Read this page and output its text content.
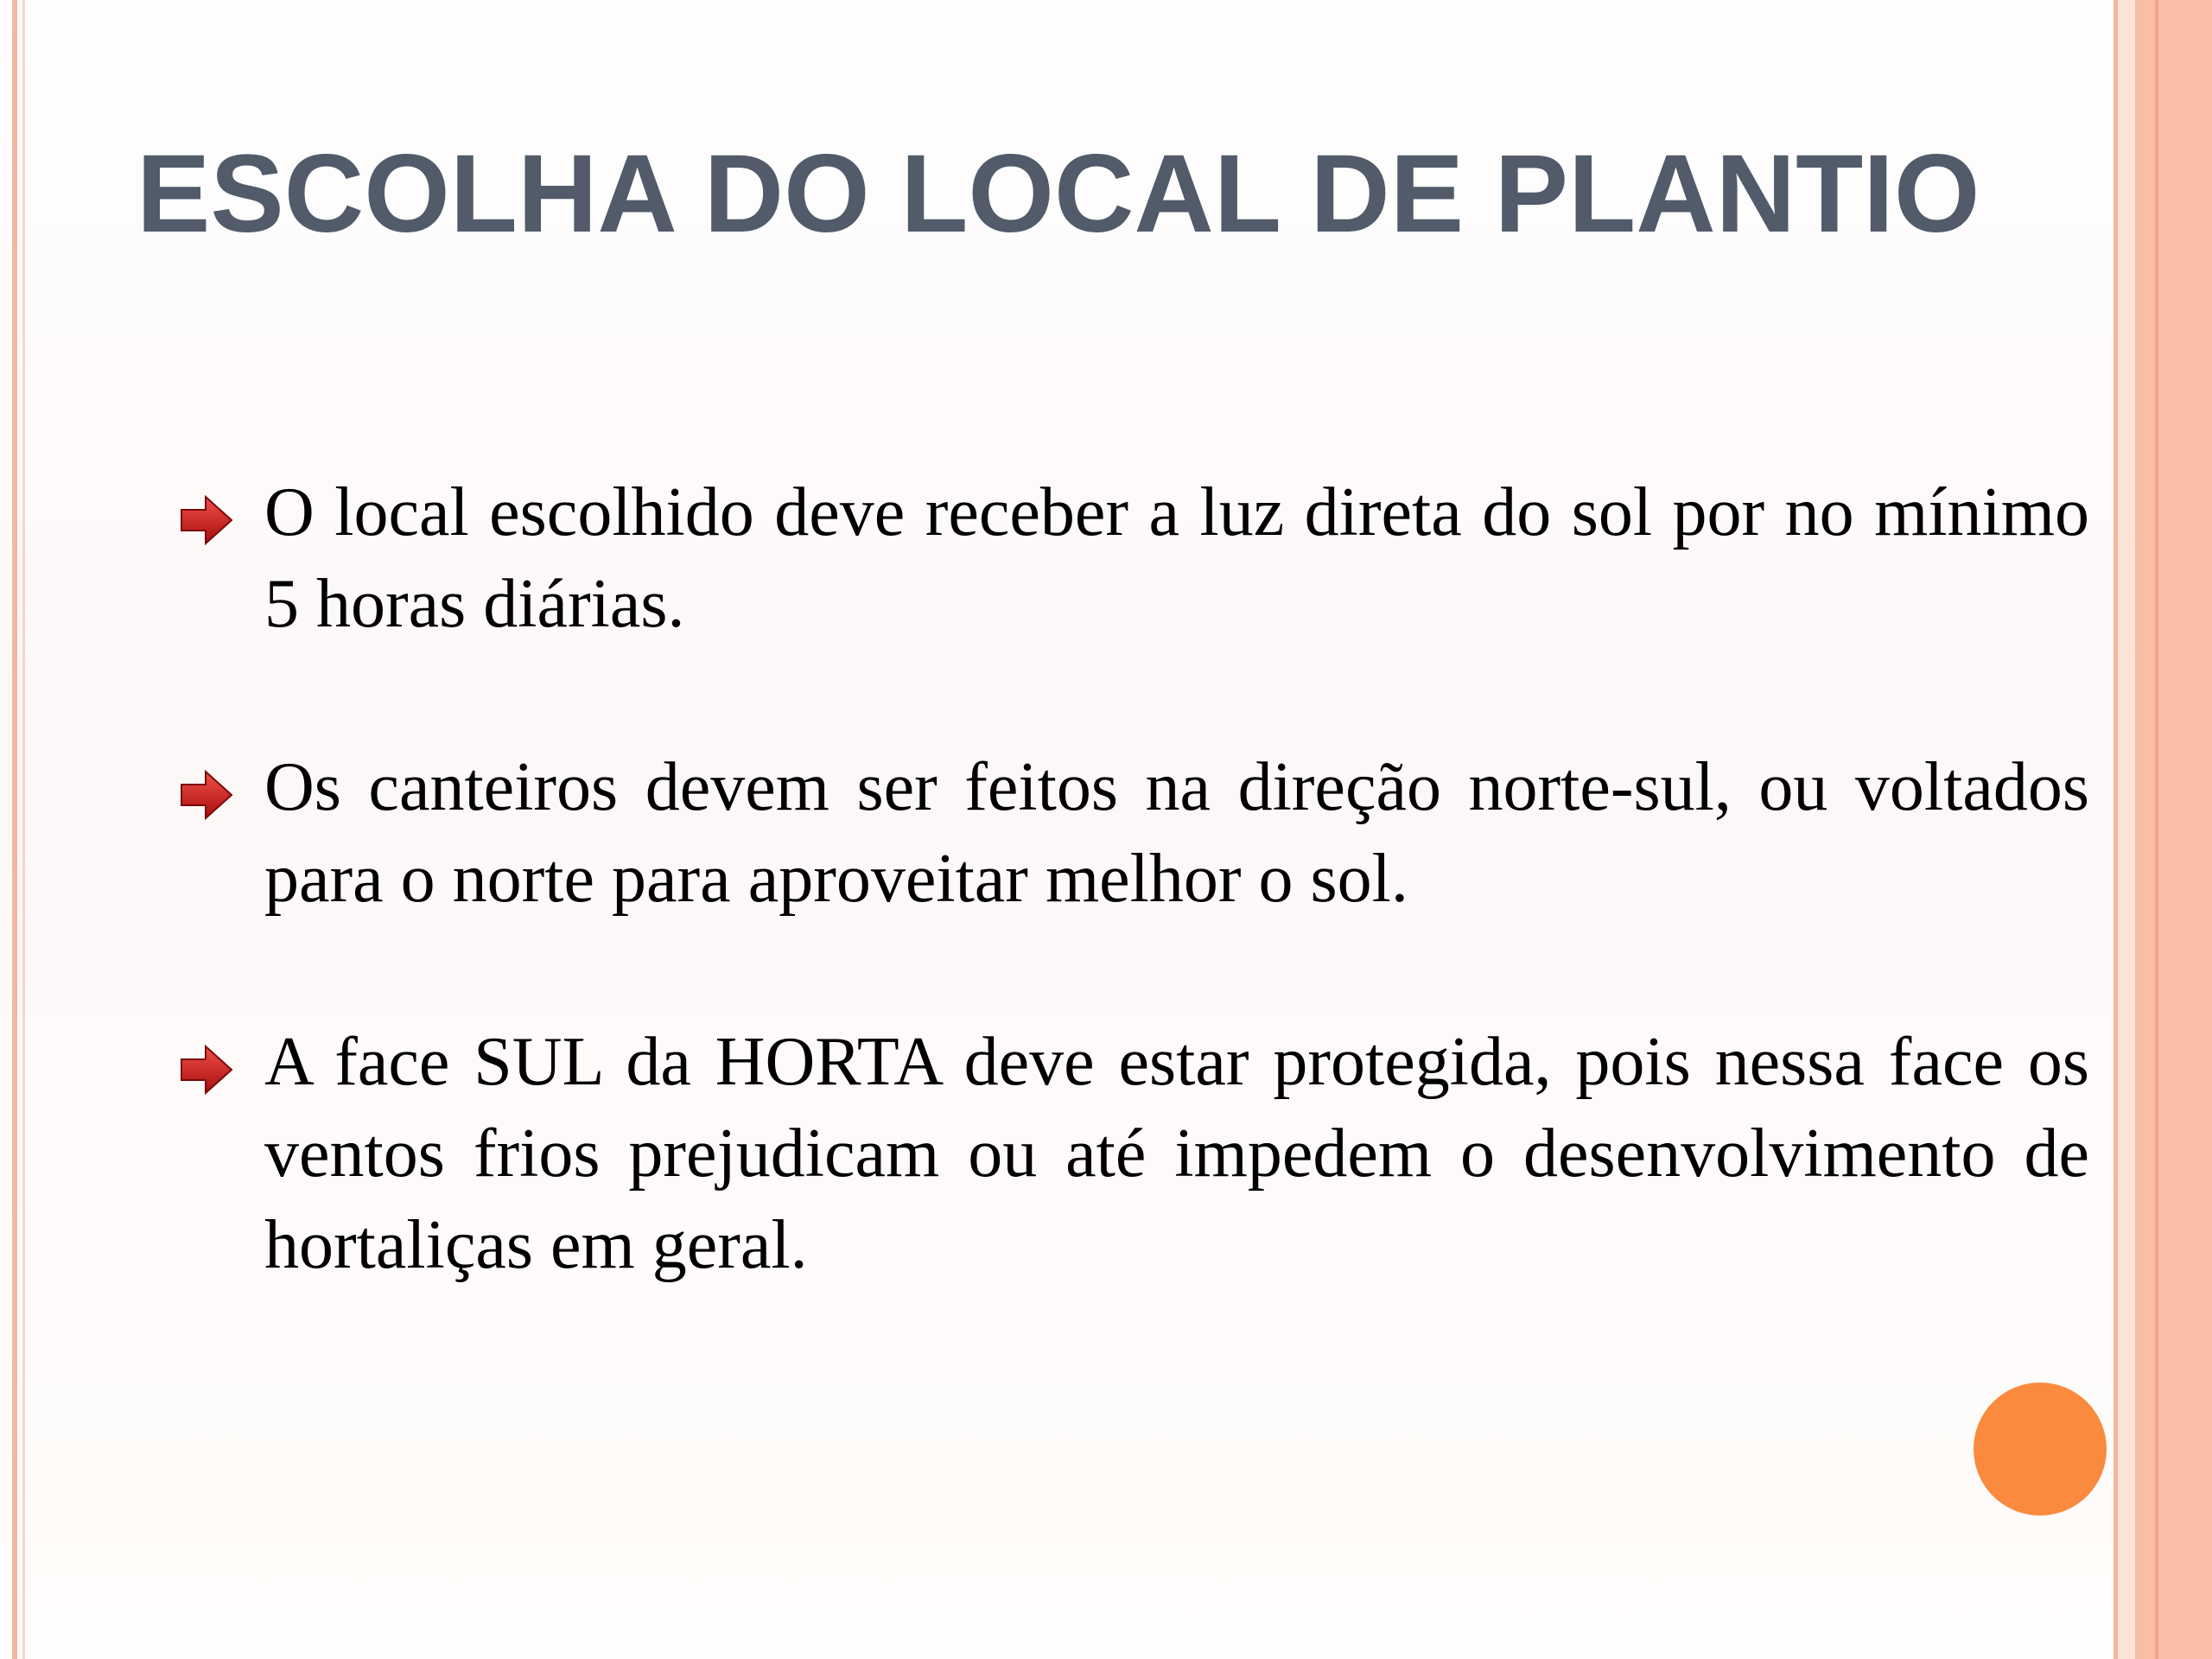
ESCOLHA DO LOCAL DE PLANTIO
O local escolhido deve receber a luz direta do sol por no mínimo 5 horas diárias.
Os canteiros devem ser feitos na direção norte-sul, ou voltados para o norte para aproveitar melhor o sol.
A face SUL da HORTA deve estar protegida, pois nessa face os ventos frios prejudicam ou até impedem o desenvolvimento de hortaliças em geral.
